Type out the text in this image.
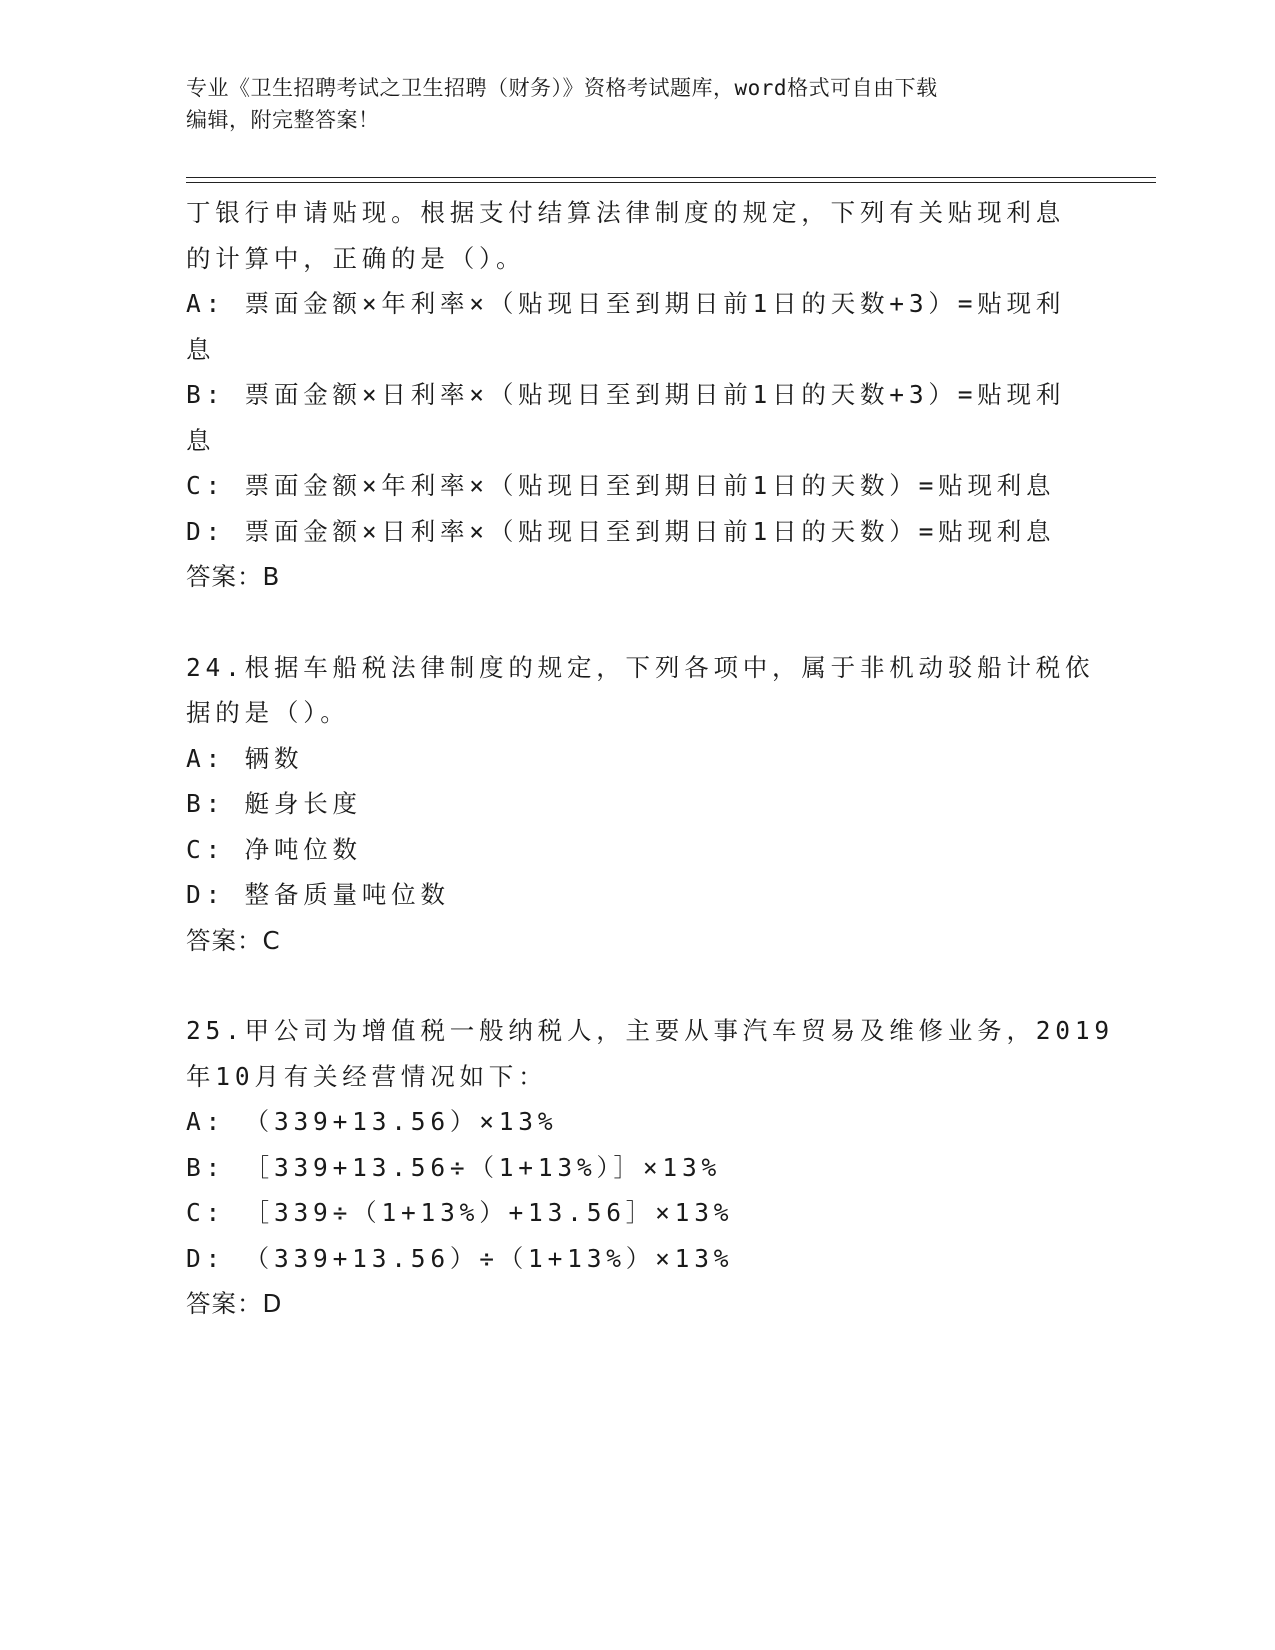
专业《卫生招聘考试之卫生招聘（财务）》资格考试题库，word格式可自由下载
编辑，附完整答案！
丁银行申请贴现。根据支付结算法律制度的规定，下列有关贴现利息
的计算中，正确的是（）。
A: 票面金额×年利率×（贴现日至到期日前1日的天数+3）=贴现利
息
B: 票面金额×日利率×（贴现日至到期日前1日的天数+3）=贴现利
息
C: 票面金额×年利率×（贴现日至到期日前1日的天数）=贴现利息
D: 票面金额×日利率×（贴现日至到期日前1日的天数）=贴现利息
答案：B
24.根据车船税法律制度的规定，下列各项中，属于非机动驳船计税依
据的是（）。
A: 辆数
B: 艇身长度
C: 净吨位数
D: 整备质量吨位数
答案：C
25.甲公司为增值税一般纳税人，主要从事汽车贸易及维修业务，2019
年10月有关经营情况如下：
A: （339+13.56）×13%
B: ［339+13.56÷（1+13%）］×13%
C: ［339÷（1+13%）+13.56］×13%
D: （339+13.56）÷（1+13%）×13%
答案：D
